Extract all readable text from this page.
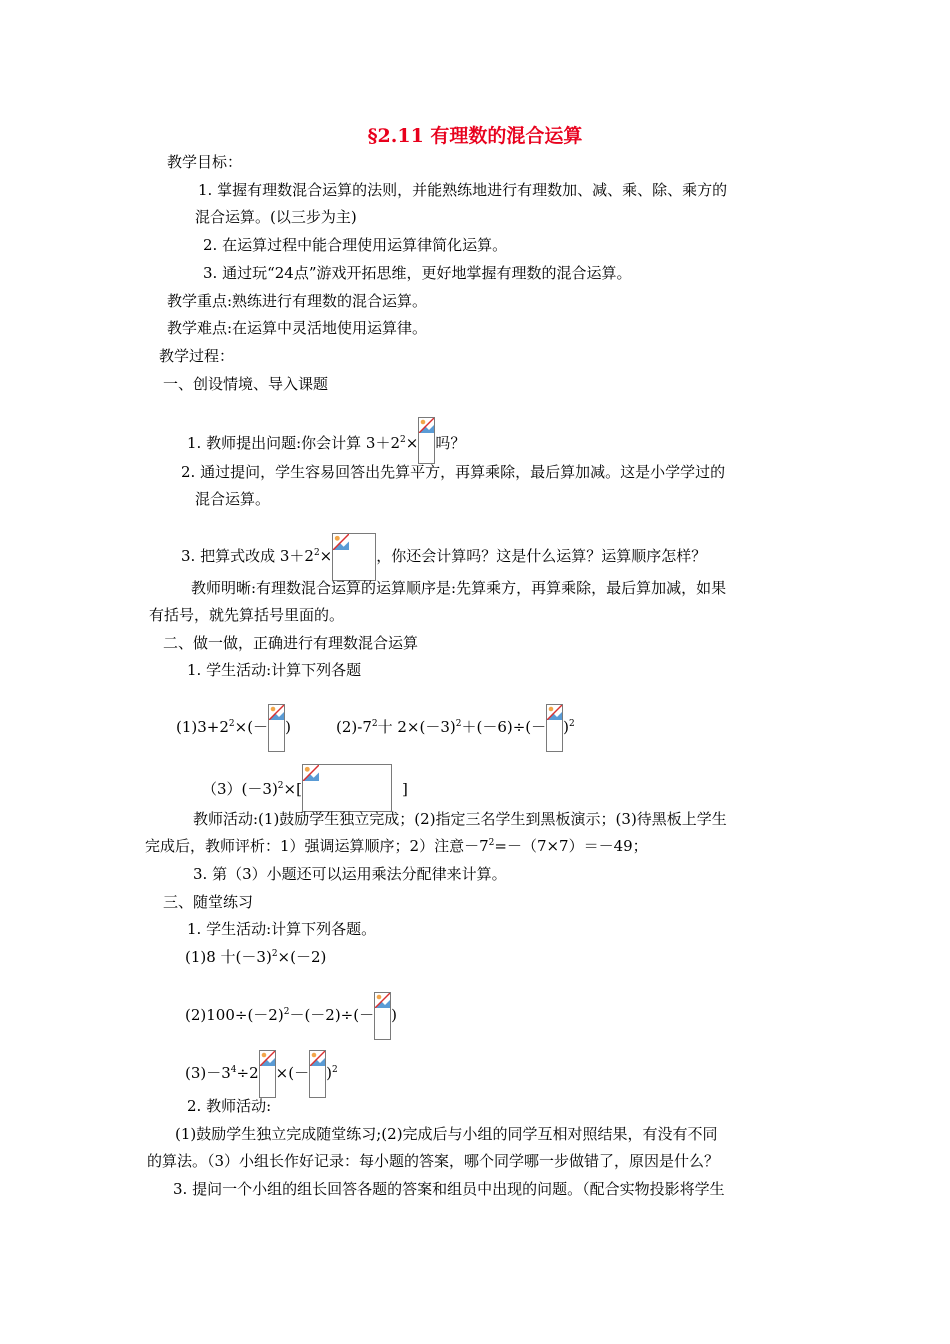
§2.11 有理数的混合运算
教学目标：
1. 掌握有理数混合运算的法则，并能熟练地进行有理数加、减、乘、除、乘方的
混合运算。(以三步为主)
2. 在运算过程中能合理使用运算律简化运算。
3. 通过玩“24点”游戏开拓思维，更好地掌握有理数的混合运算。
教学重点:熟练进行有理数的混合运算。
教学难点:在运算中灵活地使用运算律。
教学过程：
一、创设情境、导入课题
1. 教师提出问题:你会计算 $3+2^2\times$ 吗？
2. 通过提问，学生容易回答出先算平方，再算乘除，最后算加减。这是小学学过的
混合运算。
3. 把算式改成 $3+2^2\times$	，你还会计算吗？这是什么运算？运算顺序怎样？
教师明晰:有理数混合运算的运算顺序是:先算乘方，再算乘除，最后算加减，如果
有括号，就先算括号里面的。
二、做一做，正确进行有理数混合运算
1. 学生活动:计算下列各题
$(1)3+2^2\times(-$ )	$(2)-7^2$十 $2\times(-3)^2+(-6)\div(- )^2$
$(3)(-3)^2\times$[	]
教师活动:(1)鼓励学生独立完成；(2)指定三名学生到黑板演示；(3)待黑板上学生
完成后，教师评析：1）强调运算顺序；2）注意$-7^2=-(7\times 7)=-49$；
3. 第（3）小题还可以运用乘法分配律来计算。
三、随堂练习
1. 学生活动:计算下列各题。
(1)8 十$(-3)^2\times(-2)$
$(2)100\div(-2)^2-(-2)\div(-$ )
$(3)-3^4\div 2$ ×(－ )$^2$
2. 教师活动:
(1)鼓励学生独立完成随堂练习;(2)完成后与小组的同学互相对照结果，有没有不同
的算法。（3）小组长作好记录：每小题的答案，哪个同学哪一步做错了，原因是什么？
3. 提问一个小组的组长回答各题的答案和组员中出现的问题。（配合实物投影将学生
